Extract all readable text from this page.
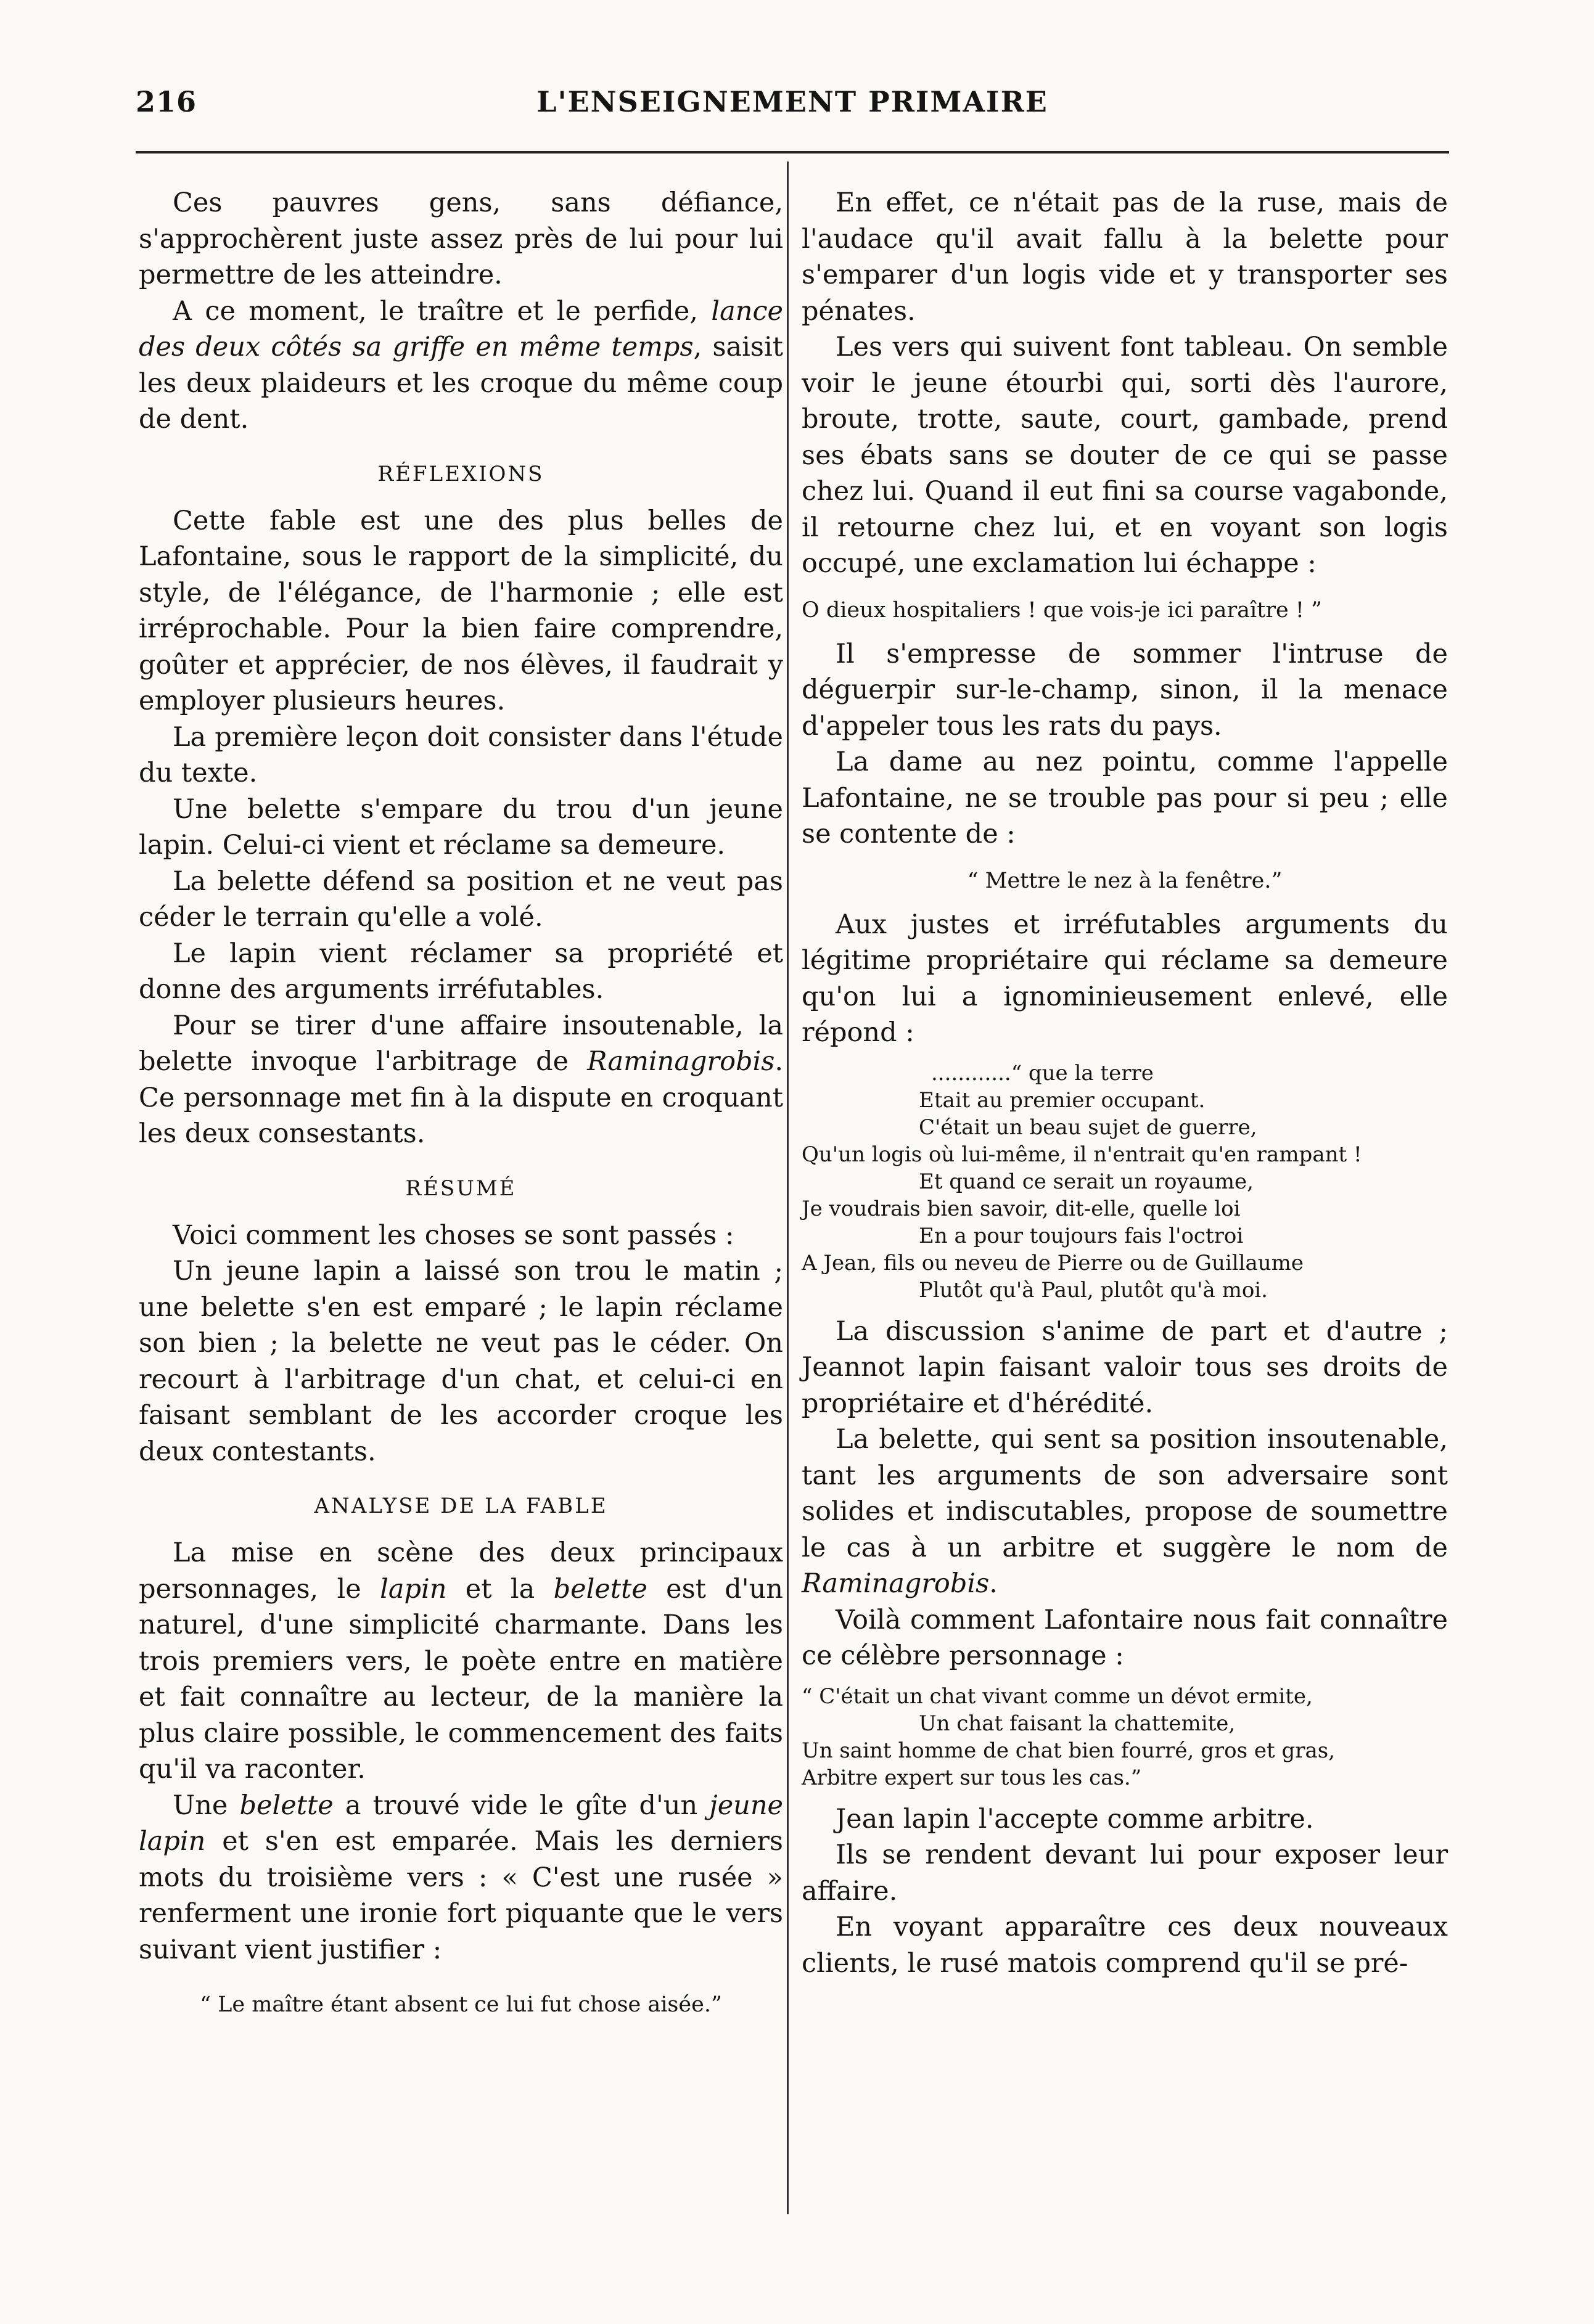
216	L'ENSEIGNEMENT PRIMAIRE

Ces pauvres gens, sans défiance, s'approchèrent juste assez près de lui pour lui permettre de les atteindre.

A ce moment, le traître et le perfide, lance des deux côtés sa griffe en même temps, saisit les deux plaideurs et les croque du même coup de dent.

RÉFLEXIONS

Cette fable est une des plus belles de Lafontaine, sous le rapport de la simplicité, du style, de l'élégance, de l'harmonie ; elle est irréprochable. Pour la bien faire comprendre, goûter et apprécier, de nos élèves, il faudrait y employer plusieurs heures.

La première leçon doit consister dans l'étude du texte.

Une belette s'empare du trou d'un jeune lapin. Celui-ci vient et réclame sa demeure.

La belette défend sa position et ne veut pas céder le terrain qu'elle a volé.

Le lapin vient réclamer sa propriété et donne des arguments irréfutables.

Pour se tirer d'une affaire insoutenable, la belette invoque l'arbitrage de Raminagrobis. Ce personnage met fin à la dispute en croquant les deux consestants.

RÉSUMÉ

Voici comment les choses se sont passés :

Un jeune lapin a laissé son trou le matin ; une belette s'en est emparé ; le lapin réclame son bien ; la belette ne veut pas le céder. On recourt à l'arbitrage d'un chat, et celui-ci en faisant semblant de les accorder croque les deux contestants.

ANALYSE DE LA FABLE

La mise en scène des deux principaux personnages, le lapin et la belette est d'un naturel, d'une simplicité charmante. Dans les trois premiers vers, le poète entre en matière et fait connaître au lecteur, de la manière la plus claire possible, le commencement des faits qu'il va raconter.

Une belette a trouvé vide le gîte d'un jeune lapin et s'en est emparée. Mais les derniers mots du troisième vers : « C'est une rusée » renferment une ironie fort piquante que le vers suivant vient justifier :

“ Le maître étant absent ce lui fut chose aisée.”

En effet, ce n'était pas de la ruse, mais de l'audace qu'il avait fallu à la belette pour s'emparer d'un logis vide et y transporter ses pénates.

Les vers qui suivent font tableau. On semble voir le jeune étourbi qui, sorti dès l'aurore, broute, trotte, saute, court, gambade, prend ses ébats sans se douter de ce qui se passe chez lui. Quand il eut fini sa course vagabonde, il retourne chez lui, et en voyant son logis occupé, une exclamation lui échappe :

O dieux hospitaliers ! que vois-je ici paraître ! ”

Il s'empresse de sommer l'intruse de déguerpir sur-le-champ, sinon, il la menace d'appeler tous les rats du pays.

La dame au nez pointu, comme l'appelle Lafontaine, ne se trouble pas pour si peu ; elle se contente de :

“ Mettre le nez à la fenêtre.”

Aux justes et irréfutables arguments du légitime propriétaire qui réclame sa demeure qu'on lui a ignominieusement enlevé, elle répond :

............“ que la terre
Etait au premier occupant.
C'était un beau sujet de guerre,
Qu'un logis où lui-même, il n'entrait qu'en rampant !
Et quand ce serait un royaume,
Je voudrais bien savoir, dit-elle, quelle loi
En a pour toujours fais l'octroi
A Jean, fils ou neveu de Pierre ou de Guillaume
Plutôt qu'à Paul, plutôt qu'à moi.

La discussion s'anime de part et d'autre ; Jeannot lapin faisant valoir tous ses droits de propriétaire et d'hérédité.

La belette, qui sent sa position insoutenable, tant les arguments de son adversaire sont solides et indiscutables, propose de soumettre le cas à un arbitre et suggère le nom de Raminagrobis.

Voilà comment Lafontaire nous fait connaître ce célèbre personnage :

“ C'était un chat vivant comme un dévot ermite,
Un chat faisant la chattemite,
Un saint homme de chat bien fourré, gros et gras,
Arbitre expert sur tous les cas.”

Jean lapin l'accepte comme arbitre.

Ils se rendent devant lui pour exposer leur affaire.

En voyant apparaître ces deux nouveaux clients, le rusé matois comprend qu'il se pré-
